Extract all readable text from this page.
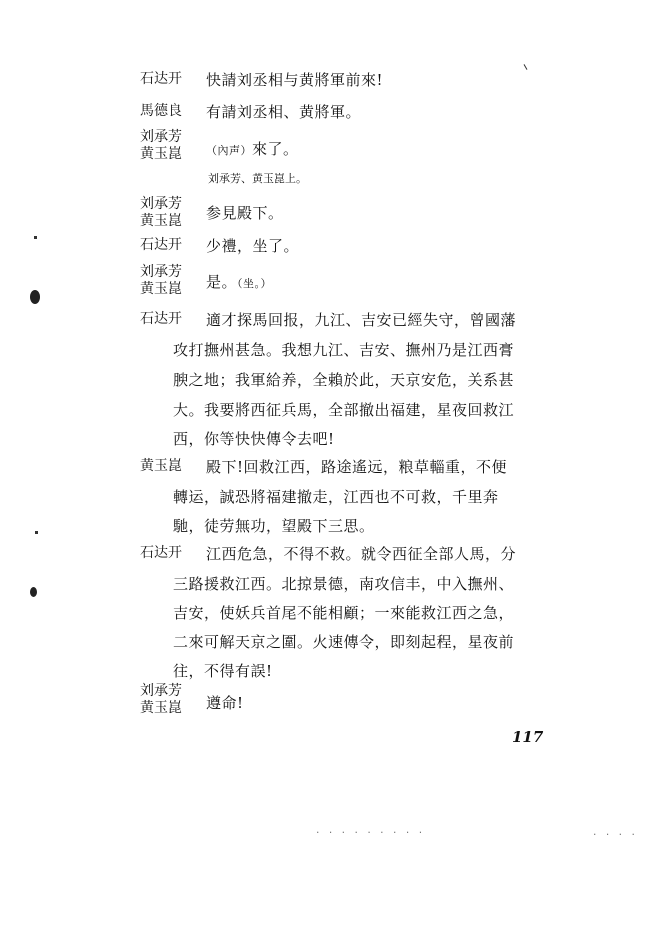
石达开 快請刘丞相与黄將軍前來!
馬德良 有請刘丞相、黄將軍。
刘承芳
黄玉崑 （內声）來了。
刘承芳、黄玉崑上。
刘承芳
黄玉崑 参見殿下。
石达开 少禮，坐了。
刘承芳
黄玉崑 是。（坐。）
石达开 適才探馬回报，九江、吉安已經失守，曾國藩
攻打撫州甚急。我想九江、吉安、撫州乃是江西膏
腴之地；我軍給养，全賴於此，天京安危，关系甚
大。我要將西征兵馬，全部撤出福建，星夜回救江
西，你等快快傳令去吧!
黄玉崑 殿下!回救江西，路途遙远，粮草輜重，不便
轉运，誠恐將福建撤走，江西也不可救，千里奔
馳，徒劳無功，望殿下三思。
石达开 江西危急，不得不救。就令西征全部人馬，分
三路援救江西。北掠景德，南攻信丰，中入撫州、
吉安，使妖兵首尾不能相顧；一來能救江西之急，
二來可解天京之圍。火速傳令，即刻起程，星夜前
往，不得有誤!
刘承芳
黄玉崑 遵命!
117
. . . . . . . . .	. . . .
